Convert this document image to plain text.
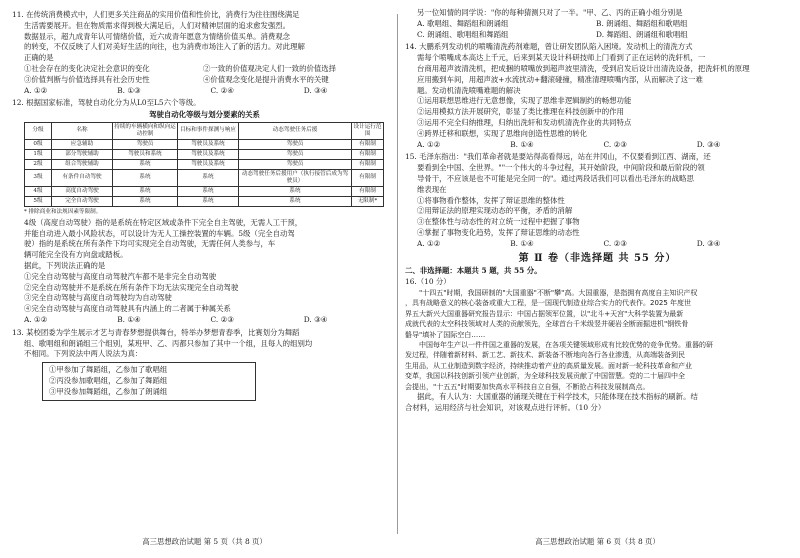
11. 在传统消费模式中，人们更多关注商品的实用价值和性价比，消费行为往往围绕满足

生活需要展开。但在物质需求得到极大满足后，人们对精神层面的追求愈发强烈。

数据显示，超九成青年认可情绪价值，近六成青年愿意为情绪价值买单。消费观念

的转变，不仅反映了人们对美好生活的向往，也为消费市场注入了新的活力。对此理解

正确的是

①社会存在的变化决定社会意识的变化	②一致的价值观决定人们一致的价值选择
③价值判断与价值选择具有社会历史性	④价值观念变化是提升消费水平的关键
A. ①②	B. ①③	C. ②④	D. ③④

12. 根据国家标准，驾驶自动化分为从L0至L5六个等级。

驾驶自动化等级与划分要素的关系

分级	名称	持续的车辆横向和纵向运动控制	目标和事件探测与响应	动态驾驶任务后援	设计运行范围
0级	应急辅助	驾驶员	驾驶员及系统	驾驶员	有限制
1级	部分驾驶辅助	驾驶员和系统	驾驶员及系统	驾驶员	有限制
2级	组合驾驶辅助	系统	驾驶员及系统	驾驶员	有限制
3级	有条件自动驾驶	系统	系统	动态驾驶任务后援用户（执行接管后成为驾驶员）	有限制
4级	高度自动驾驶	系统	系统	系统	有限制
5级	完全自动驾驶	系统	系统	系统	无限制*

* 排除商业和法规因素等限制。

4级（高度自动驾驶）指的是系统在特定区域或条件下完全自主驾驶，无需人工干预，

并能自动进入最小风险状态，可以设计为无人工操控装置的车辆。5级（完全自动驾

驶）指的是系统在所有条件下均可实现完全自动驾驶，无需任何人类参与，车

辆可能完全没有方向盘或踏板。

据此，下列说法正确的是

①完全自动驾驶与高度自动驾驶汽车都不是非完全自动驾驶

②完全自动驾驶并不是系统在所有条件下均无法实现完全自动驾驶

③完全自动驾驶与高度自动驾驶均为自动驾驶

④完全自动驾驶与高度自动驾驶具有内涵上的二者属于种属关系

A. ①②	B. ①④	C. ②③	D. ③④

13. 某校团委为学生展示才艺与青春梦想提供舞台，特举办梦想青春季，比赛划分为舞蹈

组、歌唱组和朗诵组三个组别，某班甲、乙、丙都只参加了其中一个组，且每人的组别均

不相同。下列说法中两人说法为真：

①甲参加了舞蹈组，乙参加了歌唱组

②丙没参加歌唱组，乙参加了舞蹈组

③甲没参加舞蹈组，乙参加了朗诵组

高三思想政治试题 第 5 页（共 8 页）

另一位知情的同学说："你的每种猜测只对了一半。"甲、乙、丙的正确小组分别是

A. 歌唱组、舞蹈组和朗诵组	B. 朗诵组、舞蹈组和歌唱组
C. 朗诵组、歌唱组和舞蹈组	D. 舞蹈组、朗诵组和歌唱组

14. 大鹏系列发动机的喷嘴清洗药剂难题，曾让研发团队陷入困境。发动机上的清洗方式

需每个喷嘴成本高达上千元，后来到某天设计科研技师上门看到了正在运转的洗轩机，一

台商用超声波清洗机，把成捆的喷嘴放到超声波里清洗，受到启发后设计出清洗设备，把洗轩机的原理

应用搬到车间，用超声波+水流扰动+翻滚碰撞，精准清理喷嘴内部，从而解决了这一难

题。发动机清洗喷嘴难题的解决

①运用联想思维进行无意想像，实现了思维非逻辑制约的畅想功能

②运用模拟方法开展研究，彰显了类比推理在科技创新中的作用

③运用不完全归纳推理，归纳出洗轩和发动机清洗作业的共同特点

④跨界迁移和联想，实现了思维向创造性思维的转化

A. ①②	B. ①④	C. ②③	D. ③④

15. 毛泽东指出："我们革命者就是要站得高看得远，站在井冈山，不仅要看到江西、湖南，还

要看到全中国、全世界。""一个伟大的斗争过程，其开始阶段，中间阶段和最后阶段的领

导骨干，不应该是也不可能是完全同一的"。通过两段话我们可以看出毛泽东的战略思

维表现在

①将事物看作整体，发挥了辩证思维的整体性

②用辩证法的原理实现动态的平衡，矛盾的消解

③在整体性与动态性的对立统一过程中把握了事物

④掌握了事物变化趋势，发挥了辩证思维的动态性

A. ①②	B. ①④	C. ②③	D. ③④

第 Ⅱ 卷（非选择题 共 55 分）

二、非选择题：本题共 5 题，共 55 分。

16.（10 分）

"十四五"时期，我国研制的"大国重器"不断"攀"高。大国重器，是指拥有高度自主知识产权

，具有战略意义的核心装备或重大工程，是一国现代制造业综合实力的代表作。2025 年度世

界五大新兴大国重器研究报告显示：中国占据领军位置，以"北斗+天宫"大科学装置为最新

成就代表的太空科技领域对人类的贡献领先，全球首台千米级竖井硬岩全断面掘进机"钢铁骨

骼导"填补了国际空白……

中国每年生产以一件件国之重器的发展，在各项关键领域形成有比较优势的竞争优势。重器的研

发过程，伴随着新材料、新工艺、新技术、新装备不断地向各行各业渗透，从高端装备到民

生用品，从工业制造到数字经济，持续推动着产业的高质量发展。面对新一轮科技革命和产业

变革，我国以科技创新引领产业创新，为全球科技发展贡献了中国智慧。党的二十届四中全

会提出，"十五五"时期要加快高水平科技自立自强，不断抢占科技发展制高点。

据此，有人认为：大国重器的涌现关键在于科学技术，只能体现在技术指标的刷新。结

合材料，运用经济与社会知识，对该观点进行评析。（10 分）

高三思想政治试题 第 6 页（共 8 页）
